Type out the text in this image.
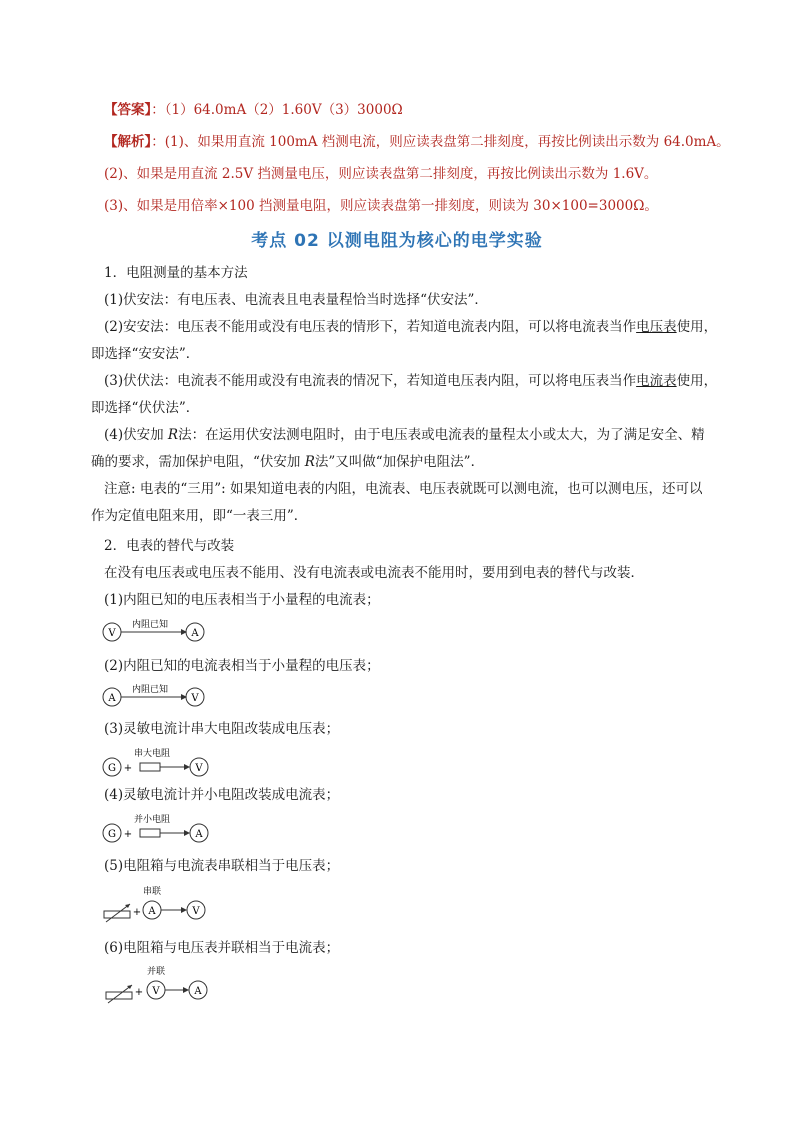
【答案】：（1）64.0mA（2）1.60V（3）3000Ω
【解析】：(1)、如果用直流 100mA 档测电流，则应读表盘第二排刻度，再按比例读出示数为 64.0mA。
(2)、如果是用直流 2.5V 挡测量电压，则应读表盘第二排刻度，再按比例读出示数为 1.6V。
(3)、如果是用倍率×100 挡测量电阻，则应读表盘第一排刻度，则读为 30×100=3000Ω。
考点 02 以测电阻为核心的电学实验
1．电阻测量的基本方法
(1)伏安法：有电压表、电流表且电表量程恰当时选择“伏安法”．
(2)安安法：电压表不能用或没有电压表的情形下，若知道电流表内阻，可以将电流表当作电压表使用，
即选择“安安法”．
(3)伏伏法：电流表不能用或没有电流表的情况下，若知道电压表内阻，可以将电压表当作电流表使用，
即选择“伏伏法”．
(4)伏安加 R法：在运用伏安法测电阻时，由于电压表或电流表的量程太小或太大，为了满足安全、精
确的要求，需加保护电阻，“伏安加 R法”又叫做“加保护电阻法”．
注意: 电表的“三用”: 如果知道电表的内阻，电流表、电压表就既可以测电流，也可以测电压，还可以
作为定值电阻来用，即“一表三用”．
2．电表的替代与改装
在没有电压表或电压表不能用、没有电流表或电流表不能用时，要用到电表的替代与改装．
(1)内阻已知的电压表相当于小量程的电流表；
V
内阻已知
A
(2)内阻已知的电流表相当于小量程的电压表；
A
内阻已知
V
(3)灵敏电流计串大电阻改装成电压表；
G +
串大电阻
V
(4)灵敏电流计并小电阻改装成电流表；
G +
并小电阻
A
(5)电阻箱与电流表串联相当于电压表；
+ A
串联
V
(6)电阻箱与电压表并联相当于电流表；
+ V
并联
A
